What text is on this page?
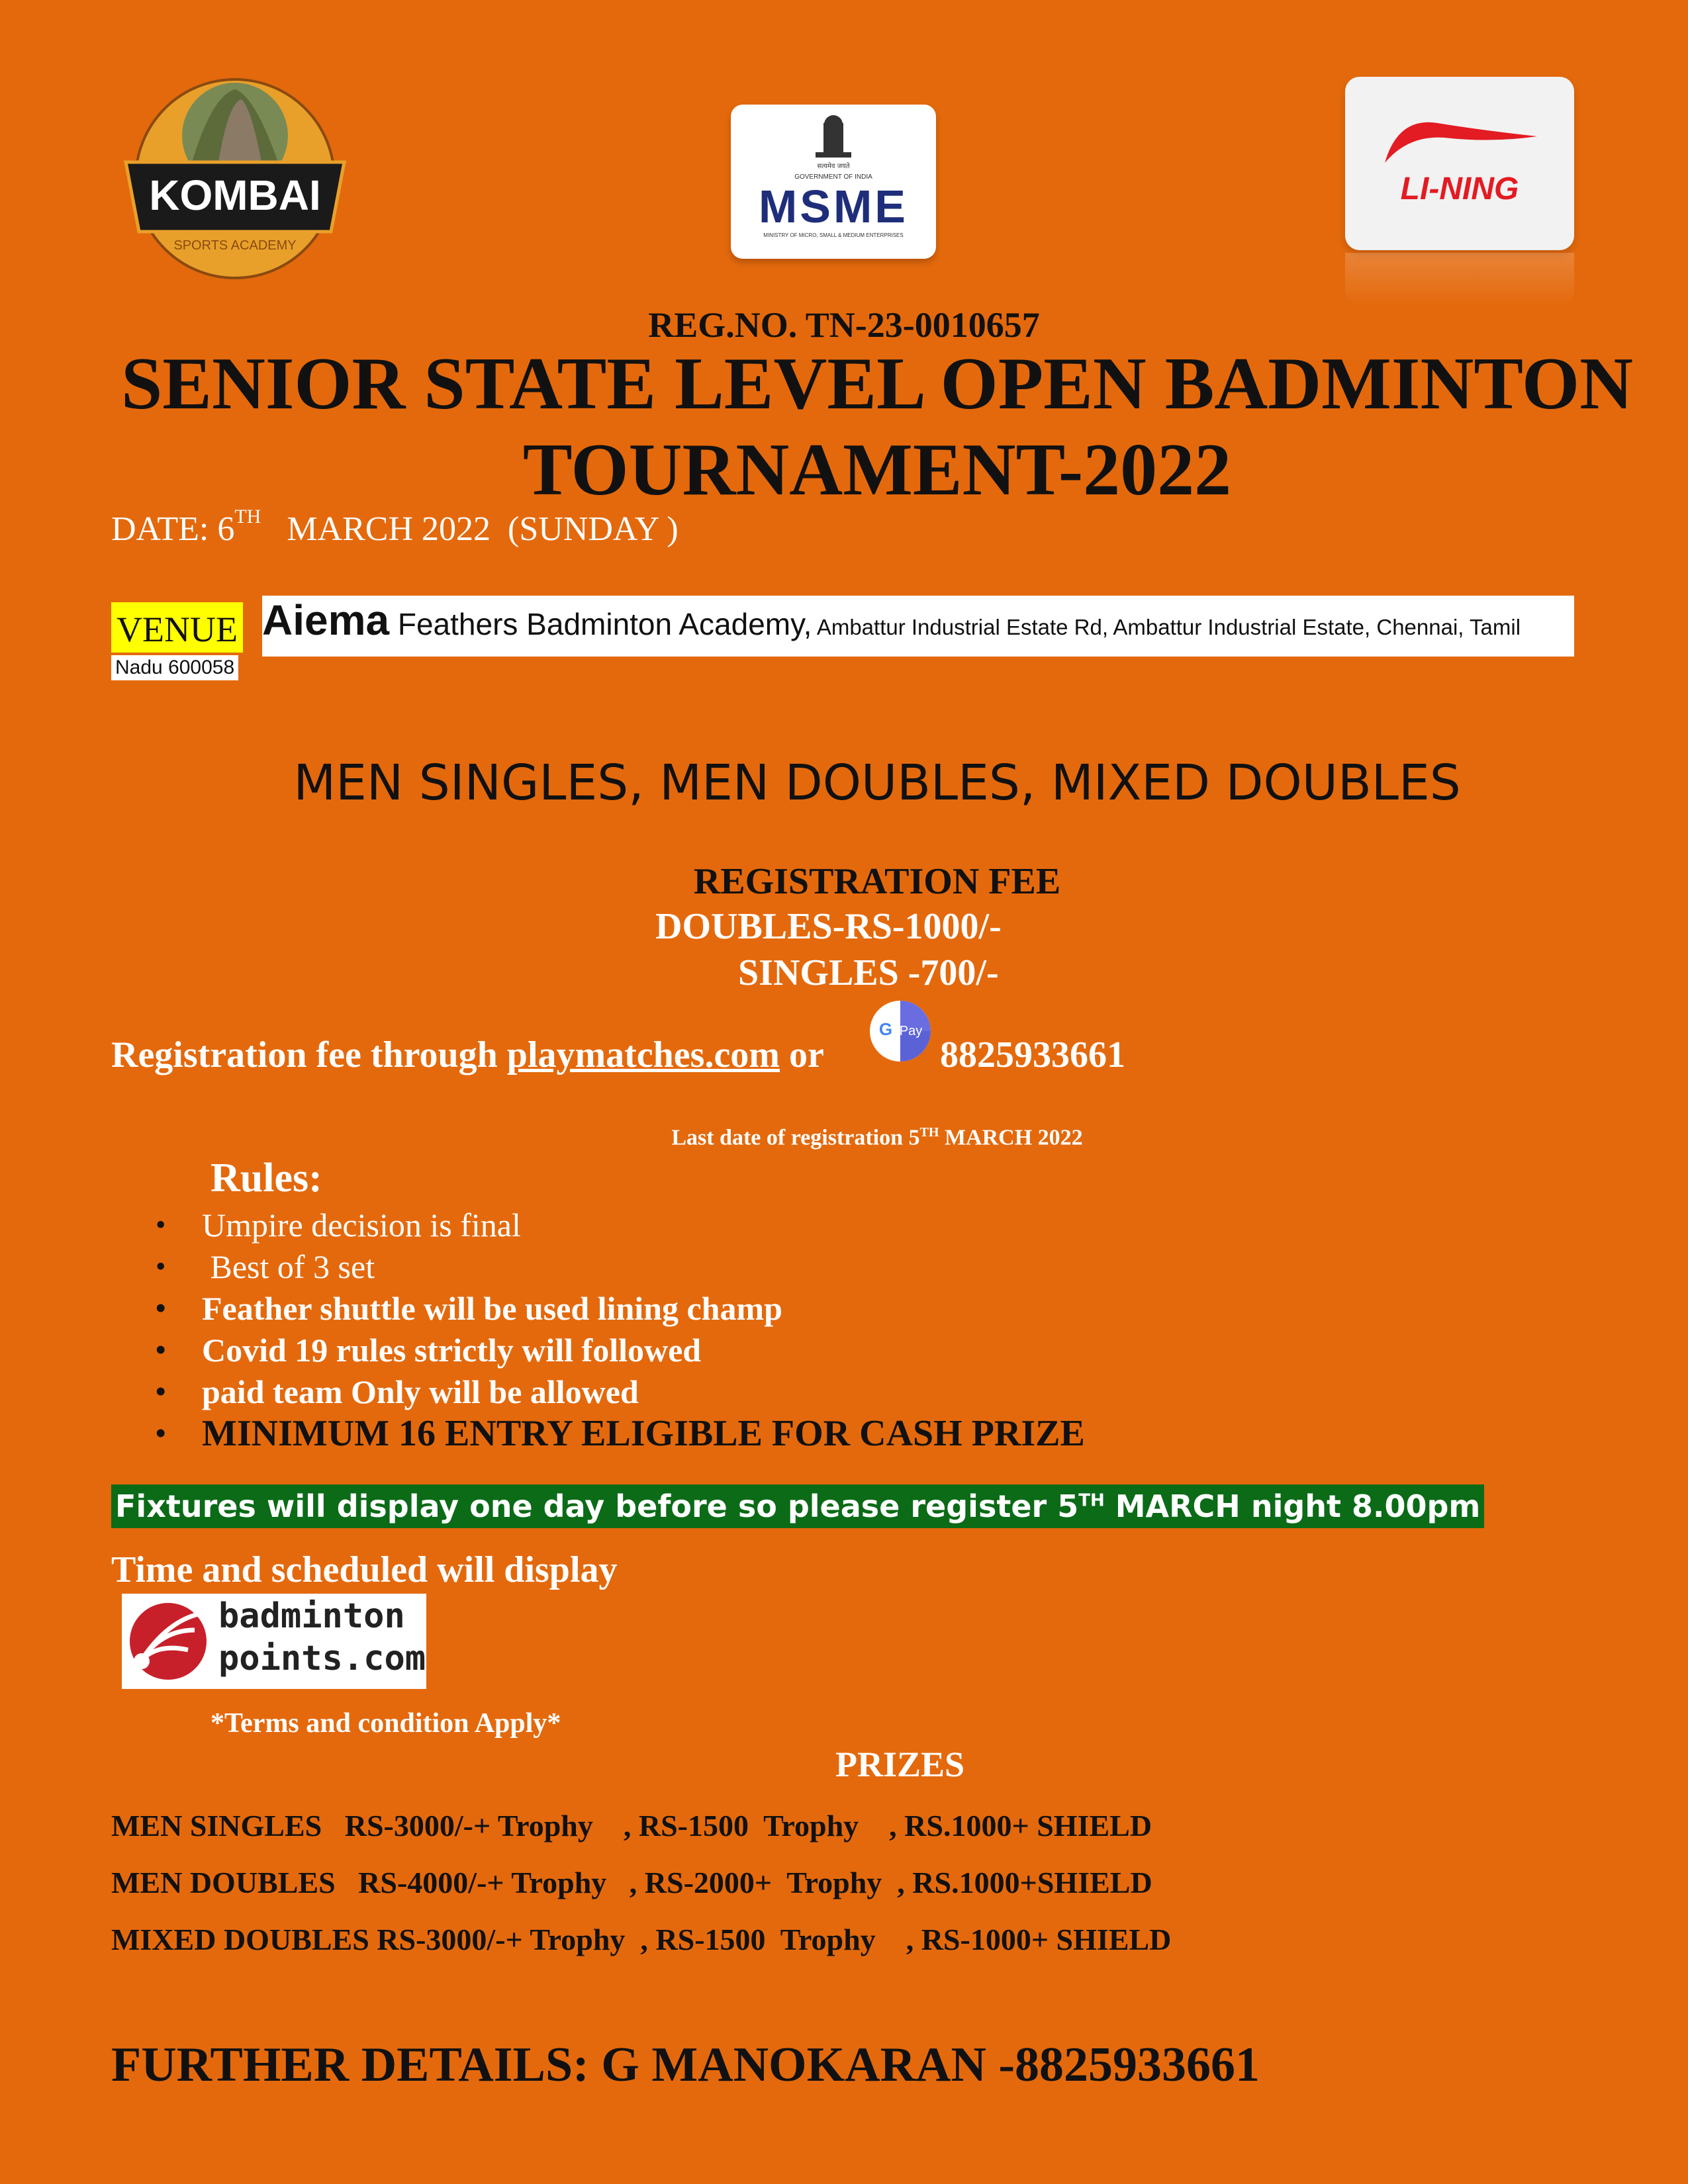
KOMBAI
SPORTS ACADEMY
सत्यमेव जयते
GOVERNMENT OF INDIA
MSME
MINISTRY OF MICRO, SMALL & MEDIUM ENTERPRISES
LI-NING
REG.NO. TN-23-0010657
SENIOR STATE LEVEL OPEN BADMINTON
TOURNAMENT-2022
DATE: 6TH   MARCH 2022  (SUNDAY )
VENUE Aiema Feathers Badminton Academy, Ambattur Industrial Estate Rd, Ambattur Industrial Estate, Chennai, Tamil
Nadu 600058
MEN SINGLES, MEN DOUBLES, MIXED DOUBLES
REGISTRATION FEE
DOUBLES-RS-1000/-
SINGLES -700/-
Registration fee through playmatches.com or
G Pay
8825933661
Last date of registration 5TH MARCH 2022
Rules:
• Umpire decision is final
•  Best of 3 set
• Feather shuttle will be used lining champ
• Covid 19 rules strictly will followed
• paid team Only will be allowed
• MINIMUM 16 ENTRY ELIGIBLE FOR CASH PRIZE
Fixtures will display one day before so please register 5TH MARCH night 8.00pm
Time and scheduled will display
badminton
points.com
*Terms and condition Apply*
PRIZES
MEN SINGLES   RS-3000/-+ Trophy    , RS-1500  Trophy    , RS.1000+ SHIELD
MEN DOUBLES   RS-4000/-+ Trophy   , RS-2000+  Trophy  , RS.1000+SHIELD
MIXED DOUBLES RS-3000/-+ Trophy  , RS-1500  Trophy    , RS-1000+ SHIELD
FURTHER DETAILS: G MANOKARAN -8825933661
